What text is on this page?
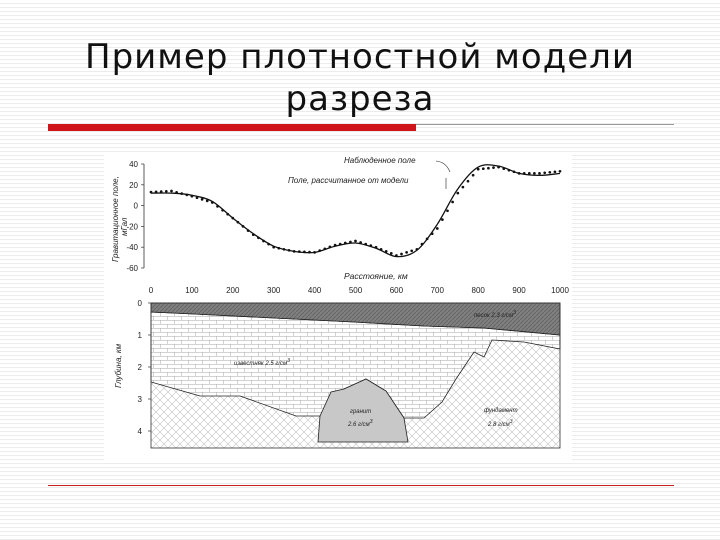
Пример плотностной модели
разреза
40
20
0
-20
-40
-60
Гравитационное поле, мГал
Наблюденное поле
Поле, рассчитанное от модели
Расстояние, км
0	100	200	300	400	500	600	700	800	900	1000
0
1
2
3
4
Глубина, км
песок 2.3 $г/см^3$
известняк 2.5 $г/см^3$
гранит
2.6 $г/см^3$
фундамент
2.8 $г/см^3$
